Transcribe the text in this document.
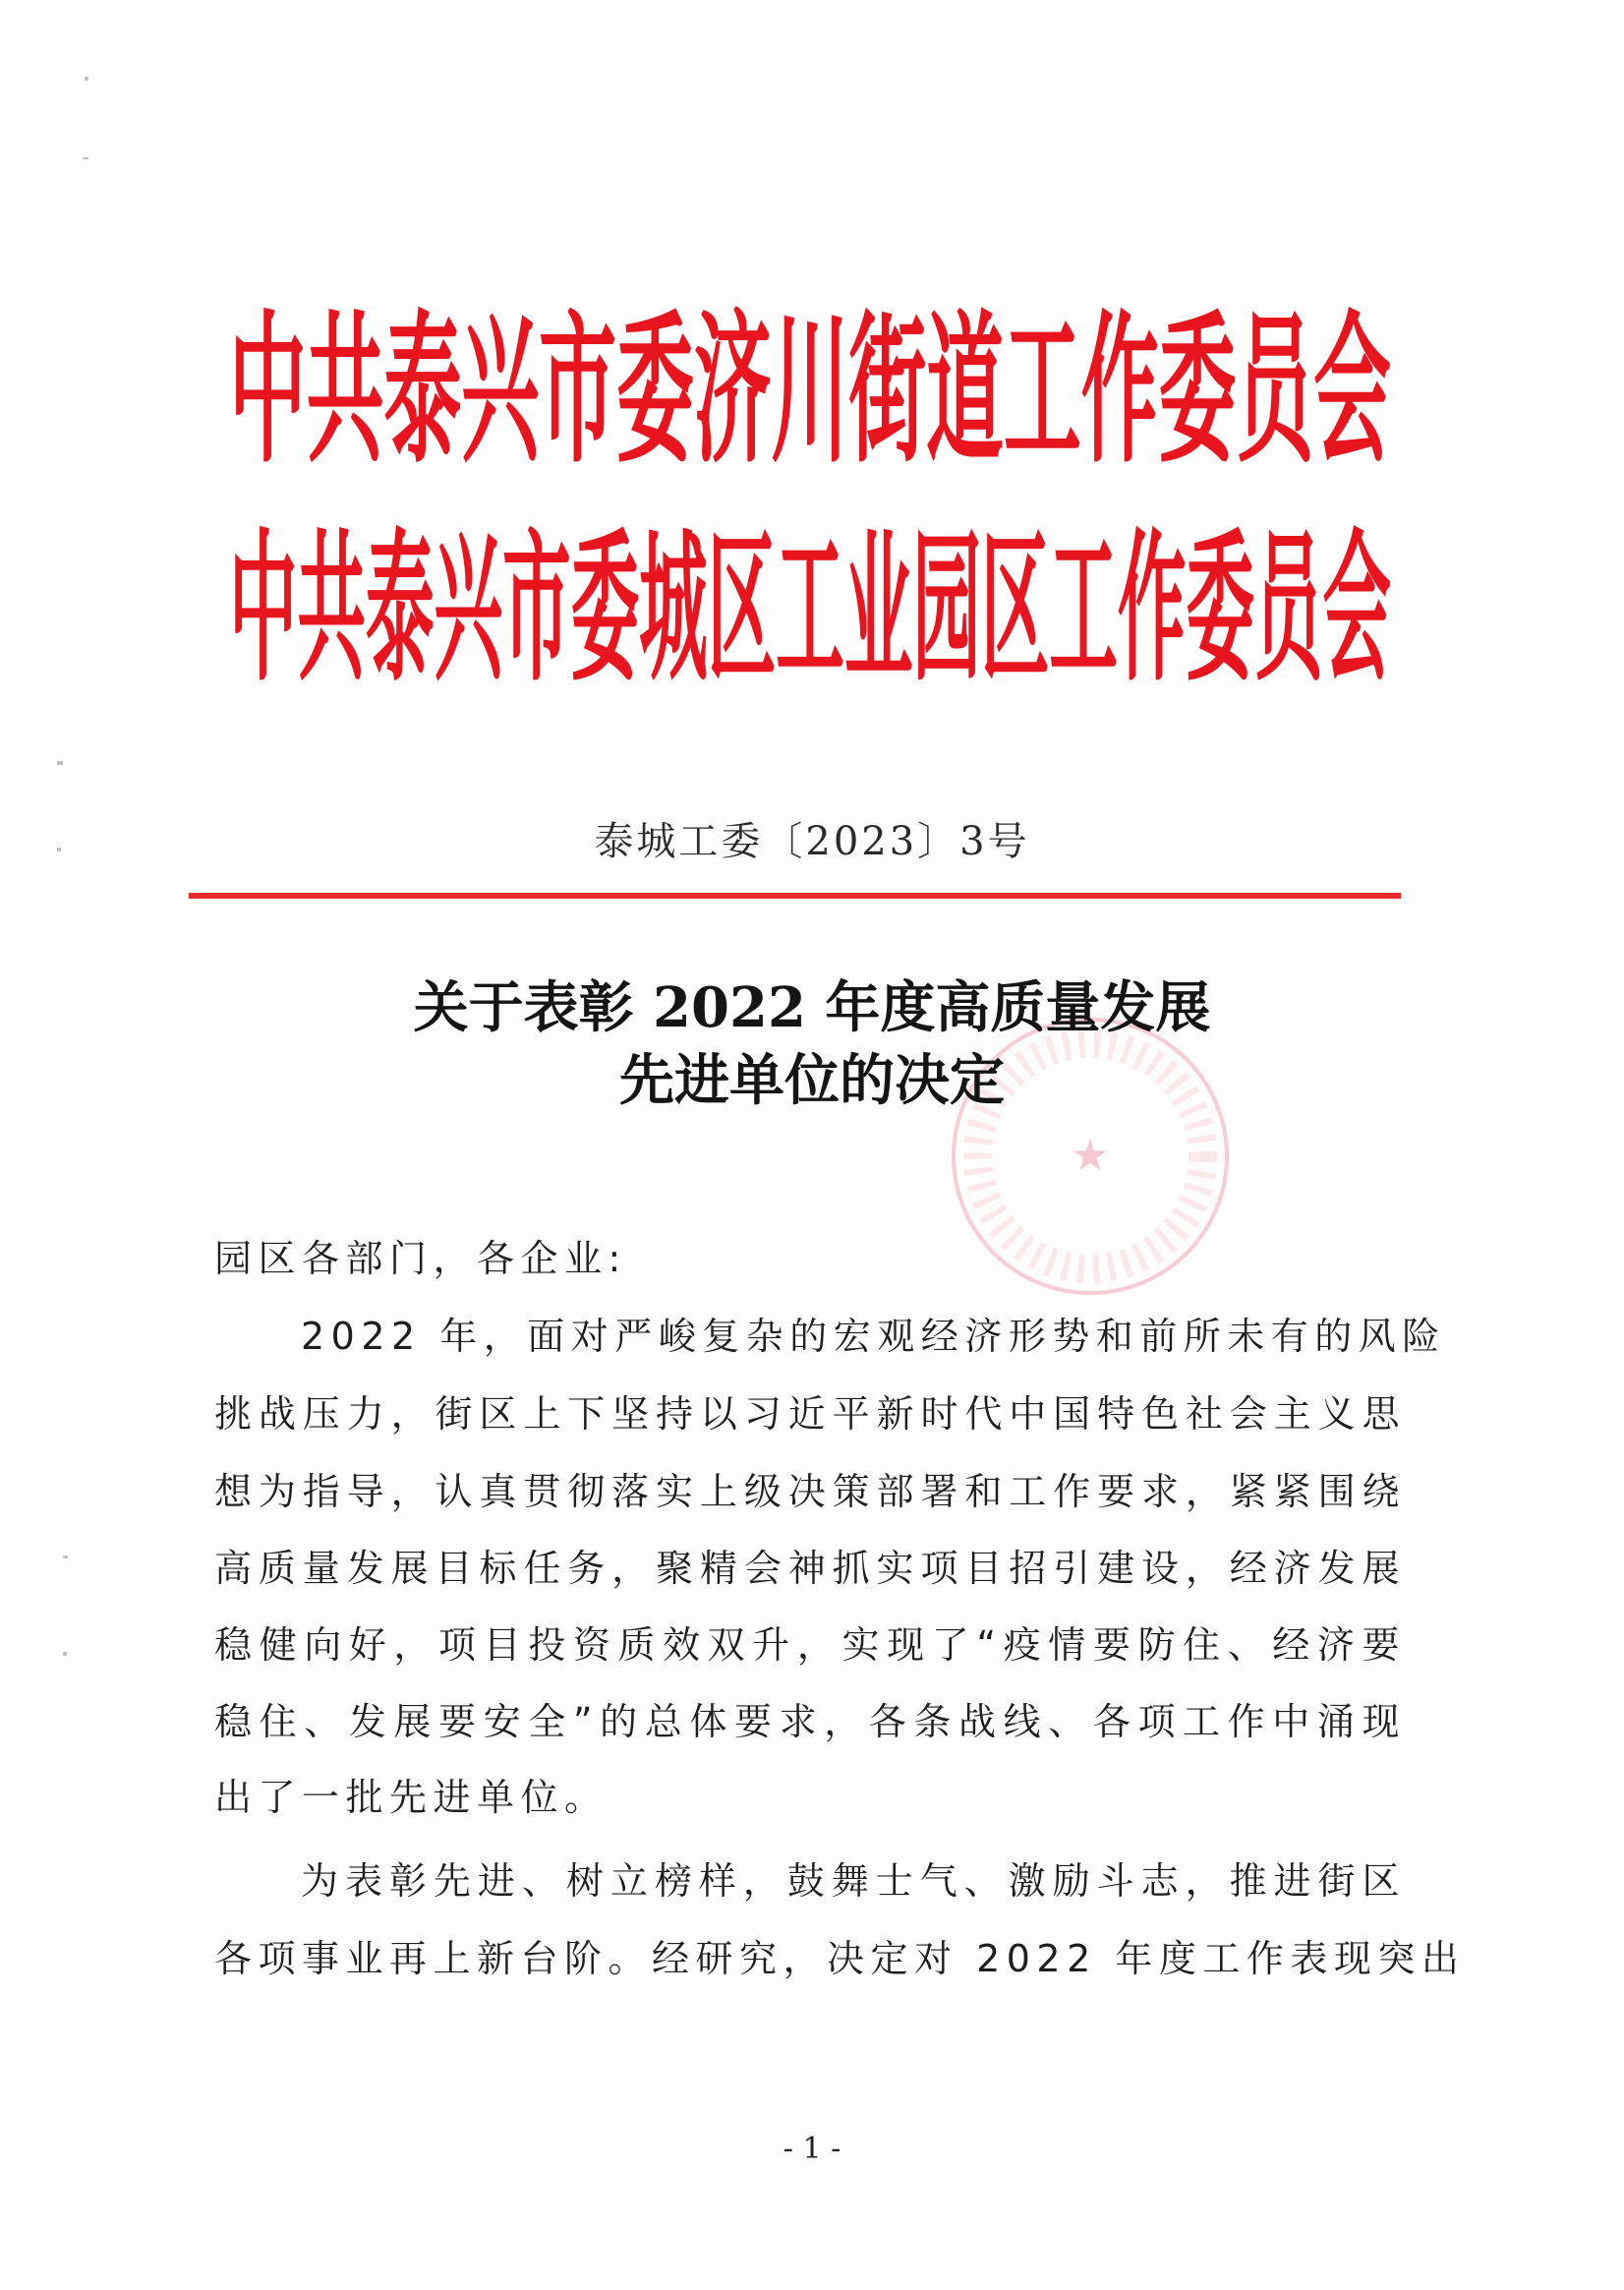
中共泰兴市委济川街道工作委员会
中共泰兴市委城区工业园区工作委员会
泰城工委〔2023〕3号
★
关于表彰 2022 年度高质量发展
先进单位的决定
园区各部门，各企业:
2022 年，面对严峻复杂的宏观经济形势和前所未有的风险
挑战压力，街区上下坚持以习近平新时代中国特色社会主义思
想为指导，认真贯彻落实上级决策部署和工作要求，紧紧围绕
高质量发展目标任务，聚精会神抓实项目招引建设，经济发展
稳健向好，项目投资质效双升，实现了“疫情要防住、经济要
稳住、发展要安全”的总体要求，各条战线、各项工作中涌现
出了一批先进单位。
为表彰先进、树立榜样，鼓舞士气、激励斗志，推进街区
各项事业再上新台阶。经研究，决定对 2022 年度工作表现突出
- 1 -
